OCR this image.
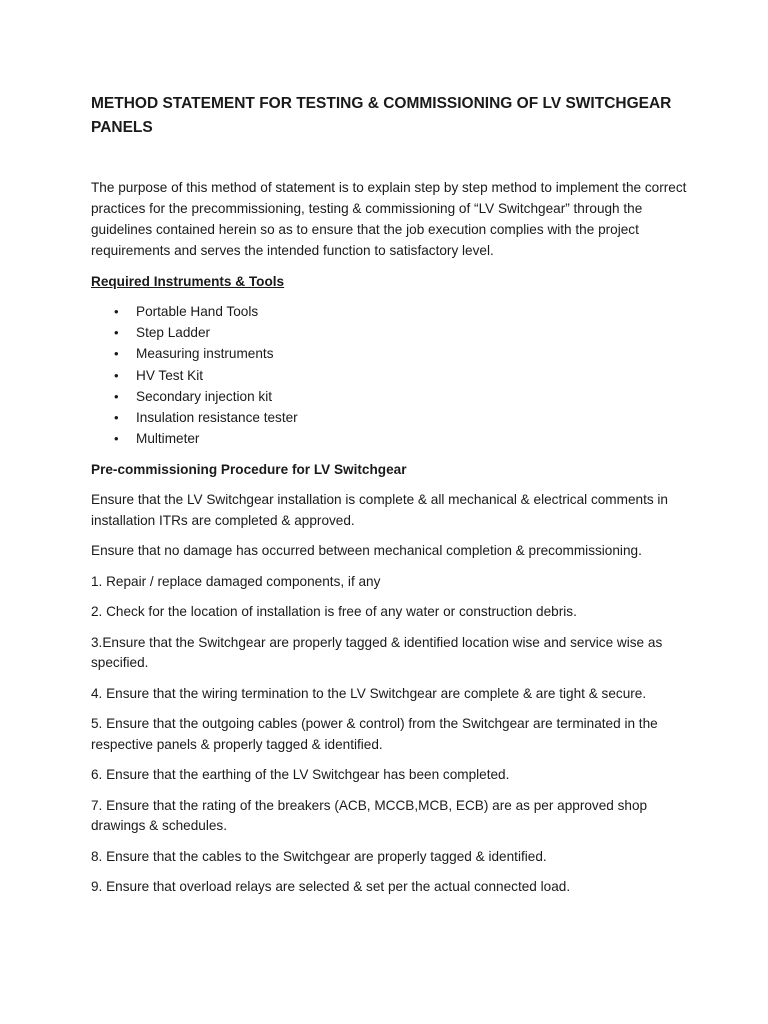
METHOD STATEMENT FOR TESTING & COMMISSIONING OF LV SWITCHGEAR PANELS

The purpose of this method of statement is to explain step by step method to implement the correct practices for the precommissioning, testing & commissioning of “LV Switchgear” through the guidelines contained herein so as to ensure that the job execution complies with the project requirements and serves the intended function to satisfactory level.

Required Instruments & Tools

• Portable Hand Tools
• Step Ladder
• Measuring instruments
• HV Test Kit
• Secondary injection kit
• Insulation resistance tester
• Multimeter

Pre-commissioning Procedure for LV Switchgear

Ensure that the LV Switchgear installation is complete & all mechanical & electrical comments in installation ITRs are completed & approved.

Ensure that no damage has occurred between mechanical completion & precommissioning.

1. Repair / replace damaged components, if any

2. Check for the location of installation is free of any water or construction debris.

3.Ensure that the Switchgear are properly tagged & identified location wise and service wise as specified.

4. Ensure that the wiring termination to the LV Switchgear are complete & are tight & secure.

5. Ensure that the outgoing cables (power & control) from the Switchgear are terminated in the respective panels & properly tagged & identified.

6. Ensure that the earthing of the LV Switchgear has been completed.

7. Ensure that the rating of the breakers (ACB, MCCB,MCB, ECB) are as per approved shop drawings & schedules.

8. Ensure that the cables to the Switchgear are properly tagged & identified.

9. Ensure that overload relays are selected & set per the actual connected load.
